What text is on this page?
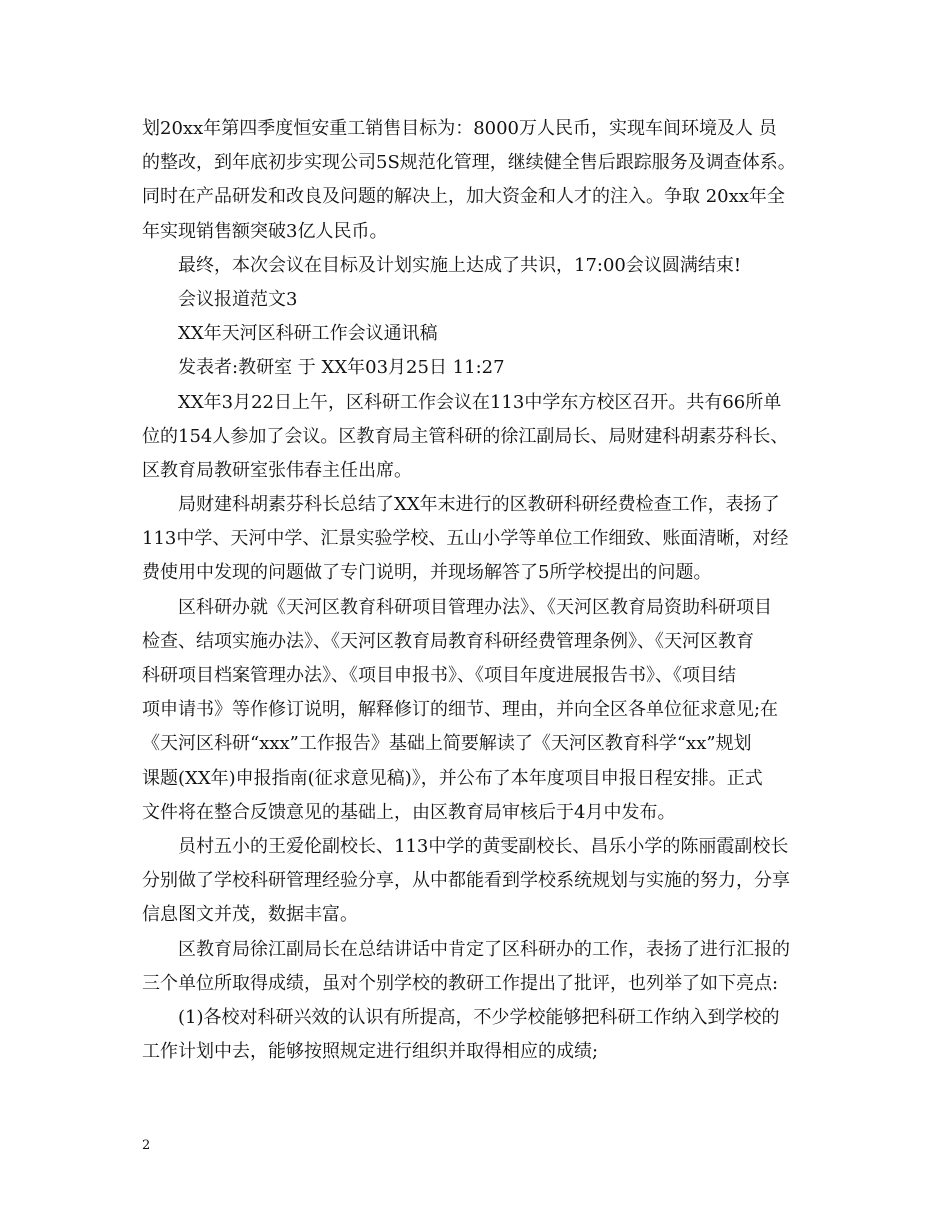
划20xx年第四季度恒安重工销售目标为：8000万人民币，实现车间环境及人 员
的整改，到年底初步实现公司5S规范化管理，继续健全售后跟踪服务及调查体系。
同时在产品研发和改良及问题的解决上，加大资金和人才的注入。争取 20xx年全
年实现销售额突破3亿人民币。
最终，本次会议在目标及计划实施上达成了共识，17:00会议圆满结束!
会议报道范文3
XX年天河区科研工作会议通讯稿
发表者:教研室 于 XX年03月25日 11:27
XX年3月22日上午，区科研工作会议在113中学东方校区召开。共有66所单
位的154人参加了会议。区教育局主管科研的徐江副局长、局财建科胡素芬科长、
区教育局教研室张伟春主任出席。
局财建科胡素芬科长总结了XX年末进行的区教研科研经费检查工作，表扬了
113中学、天河中学、汇景实验学校、五山小学等单位工作细致、账面清晰，对经
费使用中发现的问题做了专门说明，并现场解答了5所学校提出的问题。
区科研办就《天河区教育科研项目管理办法》、《天河区教育局资助科研项目
检查、结项实施办法》、《天河区教育局教育科研经费管理条例》、《天河区教育
科研项目档案管理办法》、《项目申报书》、《项目年度进展报告书》、《项目结
项申请书》等作修订说明，解释修订的细节、理由，并向全区各单位征求意见;在
《天河区科研“xxx”工作报告》基础上简要解读了《天河区教育科学“xx”规划
课题(XX年)申报指南(征求意见稿)》，并公布了本年度项目申报日程安排。正式
文件将在整合反馈意见的基础上，由区教育局审核后于4月中发布。
员村五小的王爱伦副校长、113中学的黄雯副校长、昌乐小学的陈丽霞副校长
分别做了学校科研管理经验分享，从中都能看到学校系统规划与实施的努力，分享
信息图文并茂，数据丰富。
区教育局徐江副局长在总结讲话中肯定了区科研办的工作，表扬了进行汇报的
三个单位所取得成绩，虽对个别学校的教研工作提出了批评，也列举了如下亮点:
(1)各校对科研兴效的认识有所提高，不少学校能够把科研工作纳入到学校的
工作计划中去，能够按照规定进行组织并取得相应的成绩;
2
